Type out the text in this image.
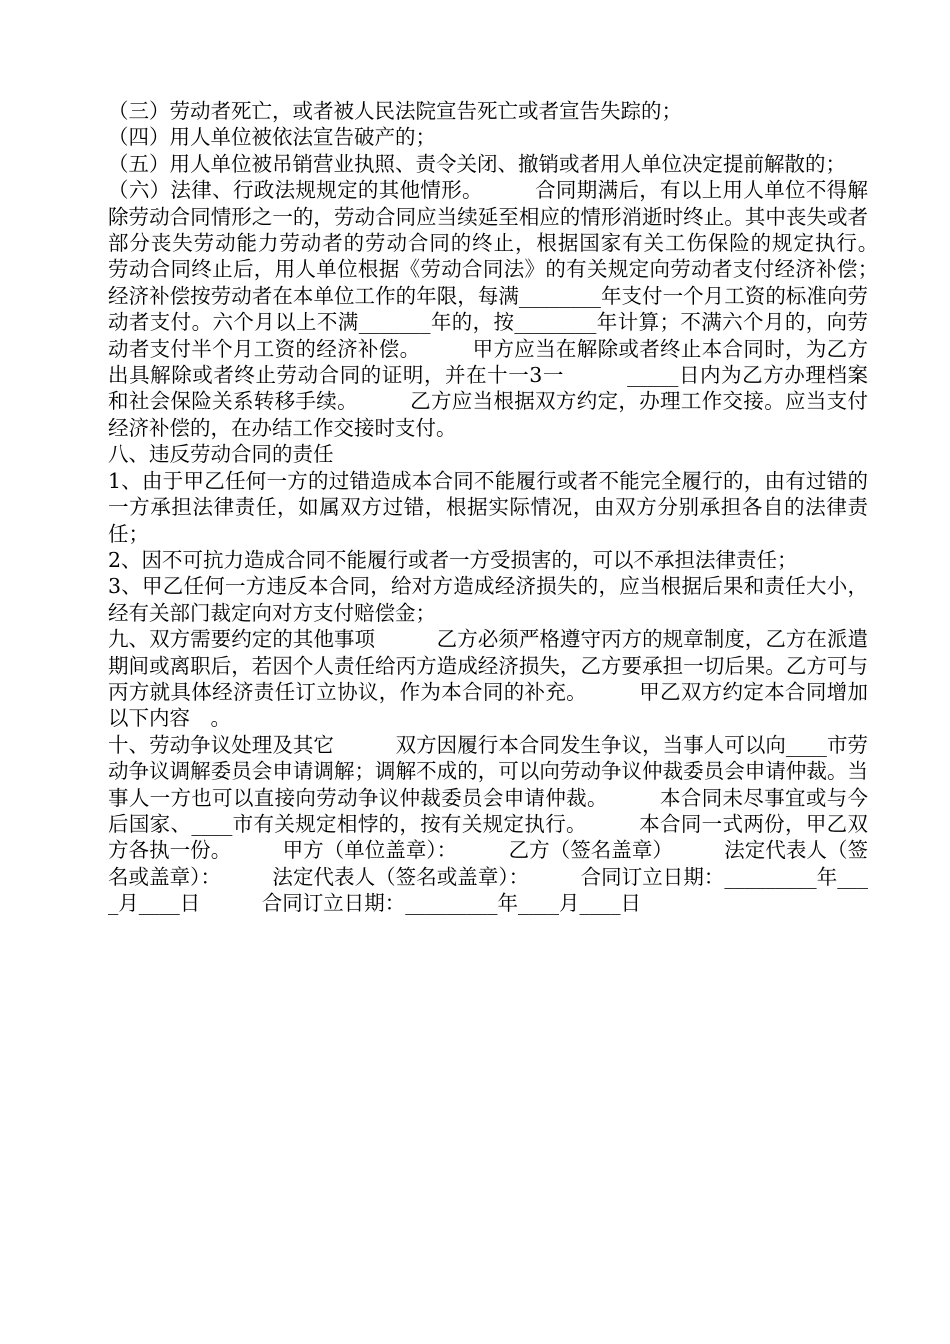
（三）劳动者死亡，或者被人民法院宣告死亡或者宣告失踪的；

（四）用人单位被依法宣告破产的；

（五）用人单位被吊销营业执照、责令关闭、撤销或者用人单位决定提前解散的；

（六）法律、行政法规规定的其他情形。　　　合同期满后，有以上用人单位不得解除劳动合同情形之一的，劳动合同应当续延至相应的情形消逝时终止。其中丧失或者部分丧失劳动能力劳动者的劳动合同的终止，根据国家有关工伤保险的规定执行。　　　劳动合同终止后，用人单位根据《劳动合同法》的有关规定向劳动者支付经济补偿；　经济补偿按劳动者在本单位工作的年限，每满________年支付一个月工资的标准向劳动者支付。六个月以上不满_______年的，按________年计算；不满六个月的，向劳动者支付半个月工资的经济补偿。　　　甲方应当在解除或者终止本合同时，为乙方出具解除或者终止劳动合同的证明，并在十一3一　　　_____日内为乙方办理档案和社会保险关系转移手续。　　　乙方应当根据双方约定，办理工作交接。应当支付经济补偿的，在办结工作交接时支付。

八、违反劳动合同的责任

1、由于甲乙任何一方的过错造成本合同不能履行或者不能完全履行的，由有过错的一方承担法律责任，如属双方过错，根据实际情况，由双方分别承担各自的法律责任；

2、因不可抗力造成合同不能履行或者一方受损害的，可以不承担法律责任；

3、甲乙任何一方违反本合同，给对方造成经济损失的，应当根据后果和责任大小，经有关部门裁定向对方支付赔偿金；

九、双方需要约定的其他事项　　　乙方必须严格遵守丙方的规章制度，乙方在派遣期间或离职后，若因个人责任给丙方造成经济损失，乙方要承担一切后果。乙方可与丙方就具体经济责任订立协议，作为本合同的补充。　　　甲乙双方约定本合同增加以下内容　。

十、劳动争议处理及其它　　　双方因履行本合同发生争议，当事人可以向____市劳动争议调解委员会申请调解；调解不成的，可以向劳动争议仲裁委员会申请仲裁。当事人一方也可以直接向劳动争议仲裁委员会申请仲裁。　　　本合同未尽事宜或与今后国家、____市有关规定相悖的，按有关规定执行。　　　本合同一式两份，甲乙双方各执一份。　　　甲方（单位盖章）：　　　乙方（签名盖章）　　　法定代表人（签名或盖章）：　　　法定代表人（签名或盖章）：　　　合同订立日期：_________年____月____日　　　合同订立日期：_________年____月____日
